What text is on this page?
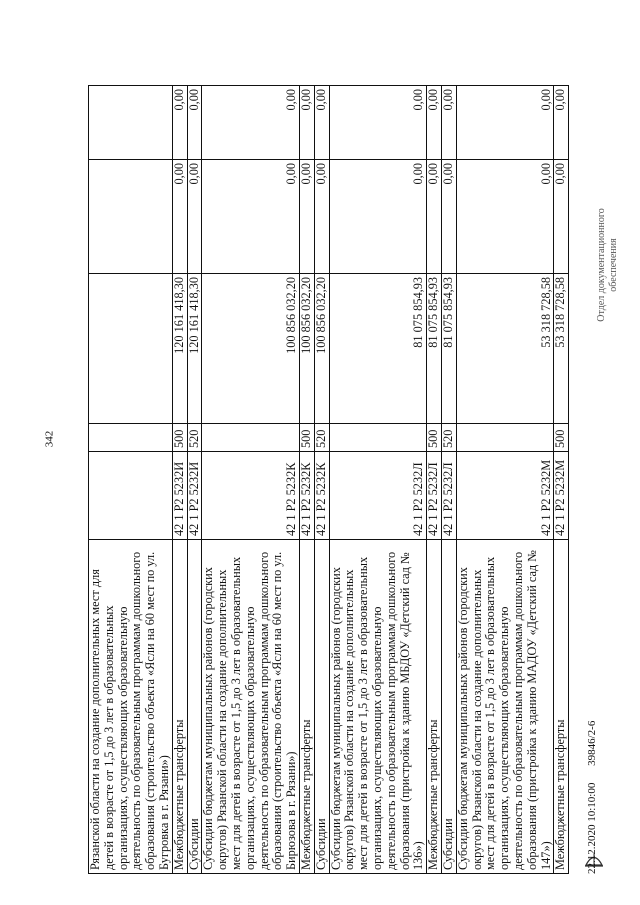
342
Рязанской области на создание дополнительных мест для детей в возрасте от 1,5 до 3 лет в образовательных организациях, осуществляющих образовательную деятельность по образовательным программам дошкольного образования (строительство объекта «Ясли на 60 мест по ул. Бугровка в г. Рязани»)					
Межбюджетные трансферты	42 1 P2 5232И	500	120 161 418,30	0,00	0,00
Субсидии	42 1 P2 5232И	520	120 161 418,30	0,00	0,00
Субсидии бюджетам муниципальных районов (городских округов) Рязанской области на создание дополнительных мест для детей в возрасте от 1,5 до 3 лет в образовательных организациях, осуществляющих образовательную деятельность по образовательным программам дошкольного образования (строительство объекта «Ясли на 60 мест по ул. Бирюзова в г. Рязани»)	42 1 P2 5232К		100 856 032,20	0,00	0,00
Межбюджетные трансферты	42 1 P2 5232К	500	100 856 032,20	0,00	0,00
Субсидии	42 1 P2 5232К	520	100 856 032,20	0,00	0,00
Субсидии бюджетам муниципальных районов (городских округов) Рязанской области на создание дополнительных мест для детей в возрасте от 1,5 до 3 лет в образовательных организациях, осуществляющих образовательную деятельность по образовательным программам дошкольного образования (пристройка к зданию МБДОУ «Детский сад № 136»)	42 1 P2 5232Л		81 075 854,93	0,00	0,00
Межбюджетные трансферты	42 1 P2 5232Л	500	81 075 854,93	0,00	0,00
Субсидии	42 1 P2 5232Л	520	81 075 854,93	0,00	0,00
Субсидии бюджетам муниципальных районов (городских округов) Рязанской области на создание дополнительных мест для детей в возрасте от 1,5 до 3 лет в образовательных организациях, осуществляющих образовательную деятельность по образовательным программам дошкольного образования (пристройка к зданию МАДОУ «Детский сад № 147»)	42 1 P2 5232М		53 318 728,58	0,00	0,00
Межбюджетные трансферты	42 1 P2 5232М	500	53 318 728,58	0,00	0,00
22.12.2020 10:10:00 39846/2-6
Отдел документационного обеспечения
